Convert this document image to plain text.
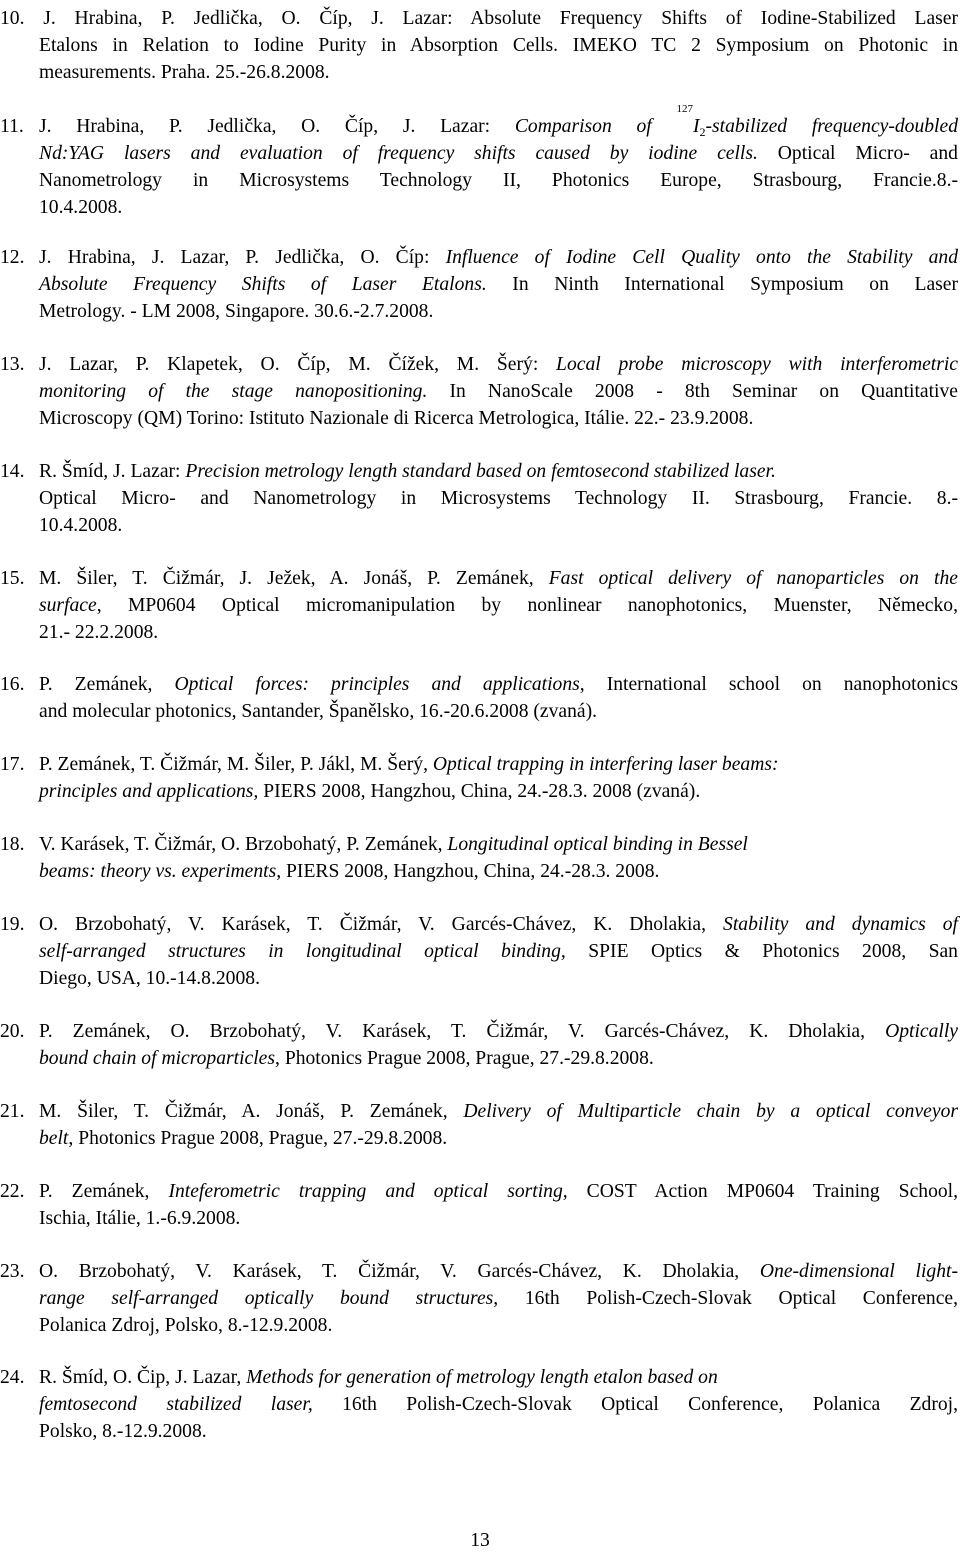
10. J. Hrabina, P. Jedlička, O. Číp, J. Lazar: Absolute Frequency Shifts of Iodine-Stabilized Laser
Etalons in Relation to Iodine Purity in Absorption Cells. IMEKO TC 2 Symposium on Photonic in
measurements. Praha. 25.-26.8.2008.
11. J. Hrabina, P. Jedlička, O. Číp, J. Lazar: Comparison of $^{127}I_2$-stabilized frequency-doubled
Nd:YAG lasers and evaluation of frequency shifts caused by iodine cells. Optical Micro- and
Nanometrology in Microsystems Technology II, Photonics Europe, Strasbourg, Francie.8.-
10.4.2008.
12. J. Hrabina, J. Lazar, P. Jedlička, O. Číp: Influence of Iodine Cell Quality onto the Stability and
Absolute Frequency Shifts of Laser Etalons. In Ninth International Symposium on Laser
Metrology. - LM 2008, Singapore. 30.6.-2.7.2008.
13. J. Lazar, P. Klapetek, O. Číp, M. Čížek, M. Šerý: Local probe microscopy with interferometric
monitoring of the stage nanopositioning. In NanoScale 2008 - 8th Seminar on Quantitative
Microscopy (QM) Torino: Istituto Nazionale di Ricerca Metrologica, Itálie. 22.- 23.9.2008.
14. R. Šmíd, J. Lazar: Precision metrology length standard based on femtosecond stabilized laser.
Optical Micro- and Nanometrology in Microsystems Technology II. Strasbourg, Francie. 8.-
10.4.2008.
15. M. Šiler, T. Čižmár, J. Ježek, A. Jonáš, P. Zemánek, Fast optical delivery of nanoparticles on the
surface, MP0604 Optical micromanipulation by nonlinear nanophotonics, Muenster, Německo,
21.- 22.2.2008.
16. P. Zemánek, Optical forces: principles and applications, International school on nanophotonics
and molecular photonics, Santander, Španělsko, 16.-20.6.2008 (zvaná).
17. P. Zemánek, T. Čižmár, M. Šiler, P. Jákl, M. Šerý, Optical trapping in interfering laser beams:
principles and applications, PIERS 2008, Hangzhou, China, 24.-28.3. 2008 (zvaná).
18. V. Karásek, T. Čižmár, O. Brzobohatý, P. Zemánek, Longitudinal optical binding in Bessel
beams: theory vs. experiments, PIERS 2008, Hangzhou, China, 24.-28.3. 2008.
19. O. Brzobohatý, V. Karásek, T. Čižmár, V. Garcés-Chávez, K. Dholakia, Stability and dynamics of
self-arranged structures in longitudinal optical binding, SPIE Optics & Photonics 2008, San
Diego, USA, 10.-14.8.2008.
20. P. Zemánek, O. Brzobohatý, V. Karásek, T. Čižmár, V. Garcés-Chávez, K. Dholakia, Optically
bound chain of microparticles, Photonics Prague 2008, Prague, 27.-29.8.2008.
21. M. Šiler, T. Čižmár, A. Jonáš, P. Zemánek, Delivery of Multiparticle chain by a optical conveyor
belt, Photonics Prague 2008, Prague, 27.-29.8.2008.
22. P. Zemánek, Inteferometric trapping and optical sorting, COST Action MP0604 Training School,
Ischia, Itálie, 1.-6.9.2008.
23. O. Brzobohatý, V. Karásek, T. Čižmár, V. Garcés-Chávez, K. Dholakia, One-dimensional light-
range self-arranged optically bound structures, 16th Polish-Czech-Slovak Optical Conference,
Polanica Zdroj, Polsko, 8.-12.9.2008.
24. R. Šmíd, O. Čip, J. Lazar, Methods for generation of metrology length etalon based on
femtosecond stabilized laser, 16th Polish-Czech-Slovak Optical Conference, Polanica Zdroj,
Polsko, 8.-12.9.2008.
13
